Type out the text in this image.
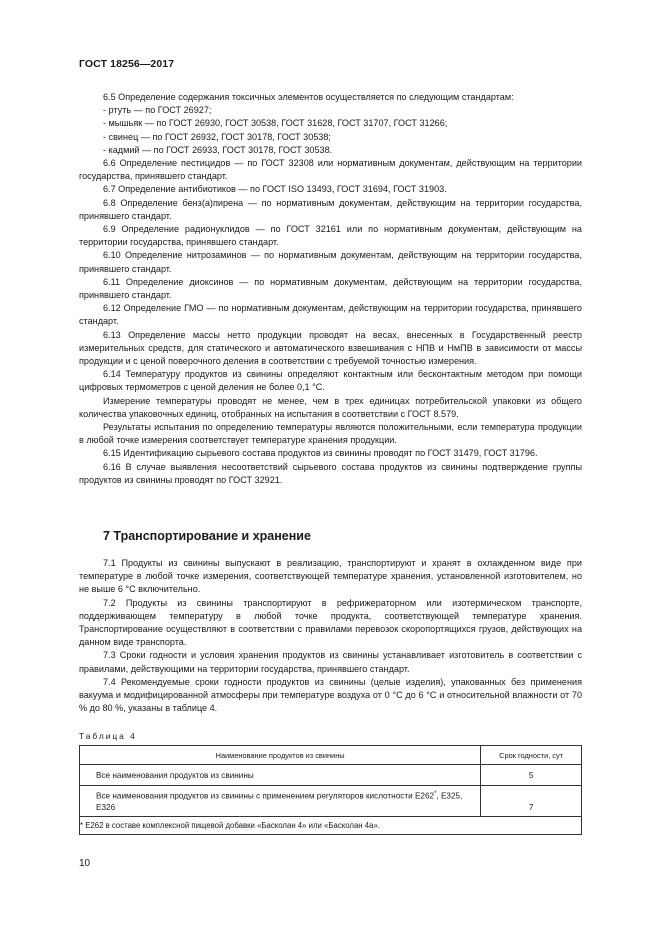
ГОСТ 18256—2017

6.5 Определение содержания токсичных элементов осуществляется по следующим стандартам:

- ртуть — по ГОСТ 26927;

- мышьяк — по ГОСТ 26930, ГОСТ 30538, ГОСТ 31628, ГОСТ 31707, ГОСТ 31266;

- свинец — по ГОСТ 26932, ГОСТ 30178, ГОСТ 30538;

- кадмий — по ГОСТ 26933, ГОСТ 30178, ГОСТ 30538.

6.6 Определение пестицидов — по ГОСТ 32308 или нормативным документам, действующим на территории государства, принявшего стандарт.

6.7 Определение антибиотиков — по ГОСТ ISO 13493, ГОСТ 31694, ГОСТ 31903.

6.8 Определение бенз(а)пирена — по нормативным документам, действующим на территории государства, принявшего стандарт.

6.9 Определение радионуклидов — по ГОСТ 32161 или по нормативным документам, действующим на территории государства, принявшего стандарт.

6.10 Определение нитрозаминов — по нормативным документам, действующим на территории государства, принявшего стандарт.

6.11 Определение диоксинов — по нормативным документам, действующим на территории государства, принявшего стандарт.

6.12 Определение ГМО — по нормативным документам, действующим на территории государства, принявшего стандарт.

6.13 Определение массы нетто продукции проводят на весах, внесенных в Государственный реестр измерительных средств, для статического и автоматического взвешивания с НПВ и НмПВ в зависимости от массы продукции и с ценой поверочного деления в соответствии с требуемой точностью измерения.

6.14 Температуру продуктов из свинины определяют контактным или бесконтактным методом при помощи цифровых термометров с ценой деления не более 0,1 °С.

Измерение температуры проводят не менее, чем в трех единицах потребительской упаковки из общего количества упаковочных единиц, отобранных на испытания в соответствии с ГОСТ 8.579.

Результаты испытания по определению температуры являются положительными, если температура продукции в любой точке измерения соответствует температуре хранения продукции.

6.15 Идентификацию сырьевого состава продуктов из свинины проводят по ГОСТ 31479, ГОСТ 31796.

6.16 В случае выявления несоответствий сырьевого состава продуктов из свинины подтверждение группы продуктов из свинины проводят по ГОСТ 32921.

7 Транспортирование и хранение

7.1 Продукты из свинины выпускают в реализацию, транспортируют и хранят в охлажденном виде при температуре в любой точке измерения, соответствующей температуре хранения, установленной изготовителем, но не выше 6 °С включительно.

7.2 Продукты из свинины транспортируют в рефрижераторном или изотермическом транспорте, поддерживающем температуру в любой точке продукта, соответствующей температуре хранения. Транспортирование осуществляют в соответствии с правилами перевозок скоропортящихся грузов, действующих на данном виде транспорта.

7.3 Сроки годности и условия хранения продуктов из свинины устанавливает изготовитель в соответствии с правилами, действующими на территории государства, принявшего стандарт.

7.4 Рекомендуемые сроки годности продуктов из свинины (целые изделия), упакованных без применения вакуума и модифицированной атмосферы при температуре воздуха от 0 °С до 6 °С и относительной влажности от 70 % до 80 %, указаны в таблице 4.

Таблица 4
Наименование продуктов из свинины	Срок годности, сут
Все наименования продуктов из свинины	5
Все наименования продуктов из свинины с применением регуляторов кислотности Е262*, Е325, Е326	7
* Е262 в составе комплексной пищевой добавки «Басколан 4» или «Басколан 4а».	
10
